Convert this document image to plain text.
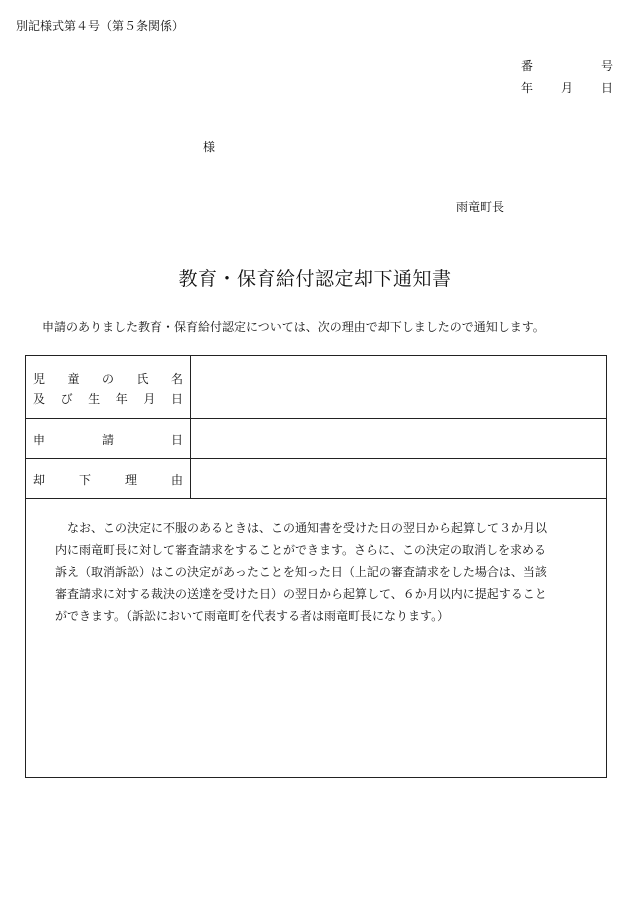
別記様式第４号（第５条関係）
番	号
年 月 日
様
雨竜町長
教育・保育給付認定却下通知書
申請のありました教育・保育給付認定については、次の理由で却下しましたので通知します。
児 童 の 氏 名
及 び 生 年 月 日
申	請	日
却	下	理	由
なお、この決定に不服のあるときは、この通知書を受けた日の翌日から起算して３か月以
内に雨竜町長に対して審査請求をすることができます。さらに、この決定の取消しを求める
訴え（取消訴訟）はこの決定があったことを知った日（上記の審査請求をした場合は、当該
審査請求に対する裁決の送達を受けた日）の翌日から起算して、６か月以内に提起すること
ができます。（訴訟において雨竜町を代表する者は雨竜町長になります。）
